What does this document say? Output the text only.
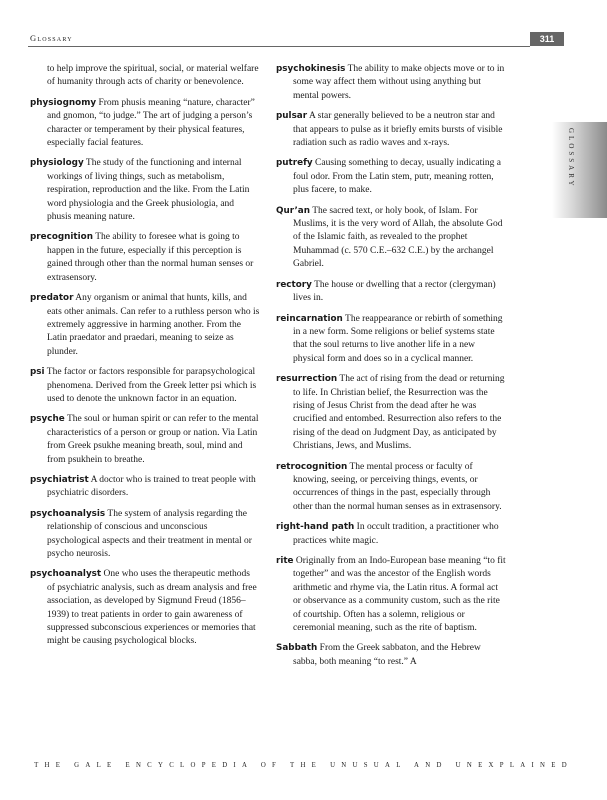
Glossary	311
GLOSSARY

to help improve the spiritual, social, or material welfare of humanity through acts of charity or benevolence.

physiognomy From phusis meaning “nature, character” and gnomon, “to judge.” The art of judging a person’s character or temperament by their physical features, especially facial features.

physiology The study of the functioning and internal workings of living things, such as metabolism, respiration, reproduction and the like. From the Latin word physiologia and the Greek phusiologia, and phusis meaning nature.

precognition The ability to foresee what is going to happen in the future, especially if this perception is gained through other than the normal human senses or extrasensory.

predator Any organism or animal that hunts, kills, and eats other animals. Can refer to a ruthless person who is extremely aggressive in harming another. From the Latin praedator and praedari, meaning to seize as plunder.

psi The factor or factors responsible for parapsychological phenomena. Derived from the Greek letter psi which is used to denote the unknown factor in an equation.

psyche The soul or human spirit or can refer to the mental characteristics of a person or group or nation. Via Latin from Greek psukhe meaning breath, soul, mind and from psukhein to breathe.

psychiatrist A doctor who is trained to treat people with psychiatric disorders.

psychoanalysis The system of analysis regarding the relationship of conscious and unconscious psychological aspects and their treatment in mental or psycho neurosis.

psychoanalyst One who uses the therapeutic methods of psychiatric analysis, such as dream analysis and free association, as developed by Sigmund Freud (1856–1939) to treat patients in order to gain awareness of suppressed subconscious experiences or memories that might be causing psychological blocks.

psychokinesis The ability to make objects move or to in some way affect them without using anything but mental powers.

pulsar A star generally believed to be a neutron star and that appears to pulse as it briefly emits bursts of visible radiation such as radio waves and x-rays.

putrefy Causing something to decay, usually indicating a foul odor. From the Latin stem, putr, meaning rotten, plus facere, to make.

Qur’an The sacred text, or holy book, of Islam. For Muslims, it is the very word of Allah, the absolute God of the Islamic faith, as revealed to the prophet Muhammad (c. 570 C.E.–632 C.E.) by the archangel Gabriel.

rectory The house or dwelling that a rector (clergyman) lives in.

reincarnation The reappearance or rebirth of something in a new form. Some religions or belief systems state that the soul returns to live another life in a new physical form and does so in a cyclical manner.

resurrection The act of rising from the dead or returning to life. In Christian belief, the Resurrection was the rising of Jesus Christ from the dead after he was crucified and entombed. Resurrection also refers to the rising of the dead on Judgment Day, as anticipated by Christians, Jews, and Muslims.

retrocognition The mental process or faculty of knowing, seeing, or perceiving things, events, or occurrences of things in the past, especially through other than the normal human senses as in extrasensory.

right-hand path In occult tradition, a practitioner who practices white magic.

rite Originally from an Indo-European base meaning “to fit together” and was the ancestor of the English words arithmetic and rhyme via, the Latin ritus. A formal act or observance as a community custom, such as the rite of courtship. Often has a solemn, religious or ceremonial meaning, such as the rite of baptism.

Sabbath From the Greek sabbaton, and the Hebrew sabba, both meaning “to rest.” A

THE GALE ENCYCLOPEDIA OF THE UNUSUAL AND UNEXPLAINED
